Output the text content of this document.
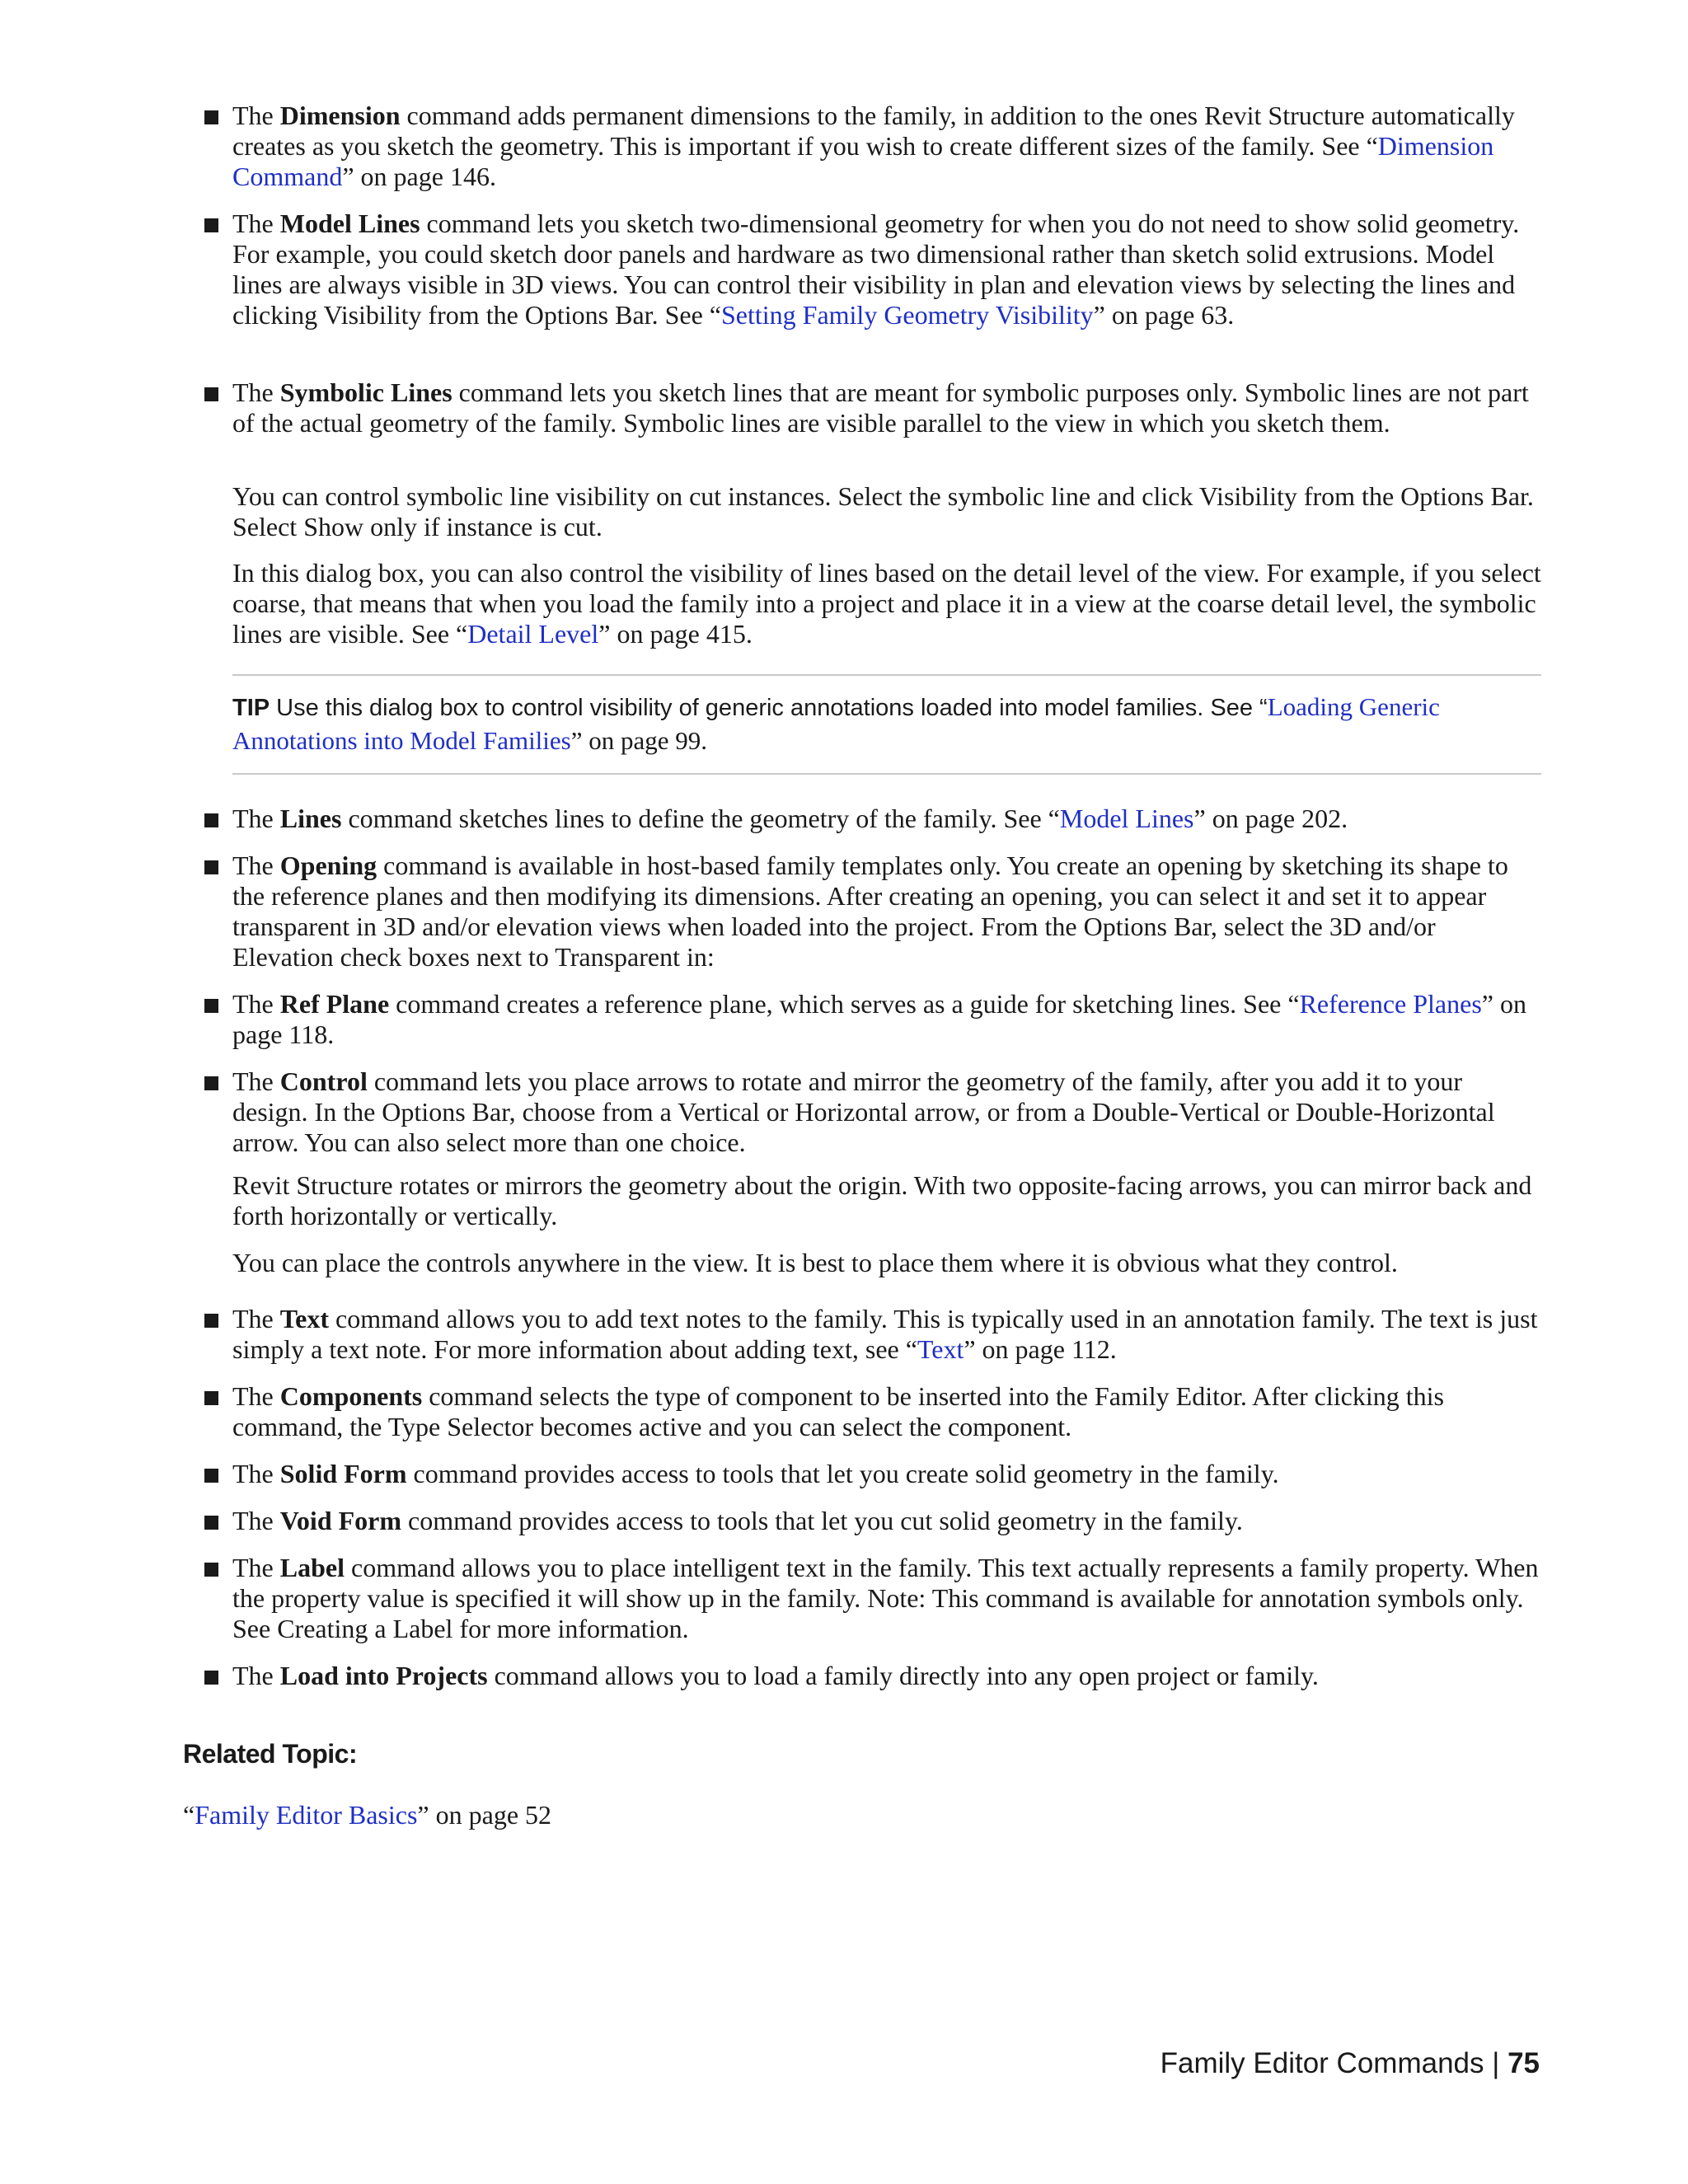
The Dimension command adds permanent dimensions to the family, in addition to the ones Revit Structure automatically creates as you sketch the geometry. This is important if you wish to create different sizes of the family. See “Dimension Command” on page 146.

The Model Lines command lets you sketch two-dimensional geometry for when you do not need to show solid geometry. For example, you could sketch door panels and hardware as two dimensional rather than sketch solid extrusions. Model lines are always visible in 3D views. You can control their visibility in plan and elevation views by selecting the lines and clicking Visibility from the Options Bar. See “Setting Family Geometry Visibility” on page 63.

The Symbolic Lines command lets you sketch lines that are meant for symbolic purposes only. Symbolic lines are not part of the actual geometry of the family. Symbolic lines are visible parallel to the view in which you sketch them.

You can control symbolic line visibility on cut instances. Select the symbolic line and click Visibility from the Options Bar. Select Show only if instance is cut.

In this dialog box, you can also control the visibility of lines based on the detail level of the view. For example, if you select coarse, that means that when you load the family into a project and place it in a view at the coarse detail level, the symbolic lines are visible. See “Detail Level” on page 415.

TIP Use this dialog box to control visibility of generic annotations loaded into model families. See “Loading Generic Annotations into Model Families” on page 99.

The Lines command sketches lines to define the geometry of the family. See “Model Lines” on page 202.

The Opening command is available in host-based family templates only. You create an opening by sketching its shape to the reference planes and then modifying its dimensions. After creating an opening, you can select it and set it to appear transparent in 3D and/or elevation views when loaded into the project. From the Options Bar, select the 3D and/or Elevation check boxes next to Transparent in:

The Ref Plane command creates a reference plane, which serves as a guide for sketching lines. See “Reference Planes” on page 118.

The Control command lets you place arrows to rotate and mirror the geometry of the family, after you add it to your design. In the Options Bar, choose from a Vertical or Horizontal arrow, or from a Double-Vertical or Double-Horizontal arrow. You can also select more than one choice.

Revit Structure rotates or mirrors the geometry about the origin. With two opposite-facing arrows, you can mirror back and forth horizontally or vertically.

You can place the controls anywhere in the view. It is best to place them where it is obvious what they control.

The Text command allows you to add text notes to the family. This is typically used in an annotation family. The text is just simply a text note. For more information about adding text, see “Text” on page 112.

The Components command selects the type of component to be inserted into the Family Editor. After clicking this command, the Type Selector becomes active and you can select the component.

The Solid Form command provides access to tools that let you create solid geometry in the family.

The Void Form command provides access to tools that let you cut solid geometry in the family.

The Label command allows you to place intelligent text in the family. This text actually represents a family property. When the property value is specified it will show up in the family. Note: This command is available for annotation symbols only. See Creating a Label for more information.

The Load into Projects command allows you to load a family directly into any open project or family.

Related Topic:
“Family Editor Basics” on page 52
Family Editor Commands | 75
